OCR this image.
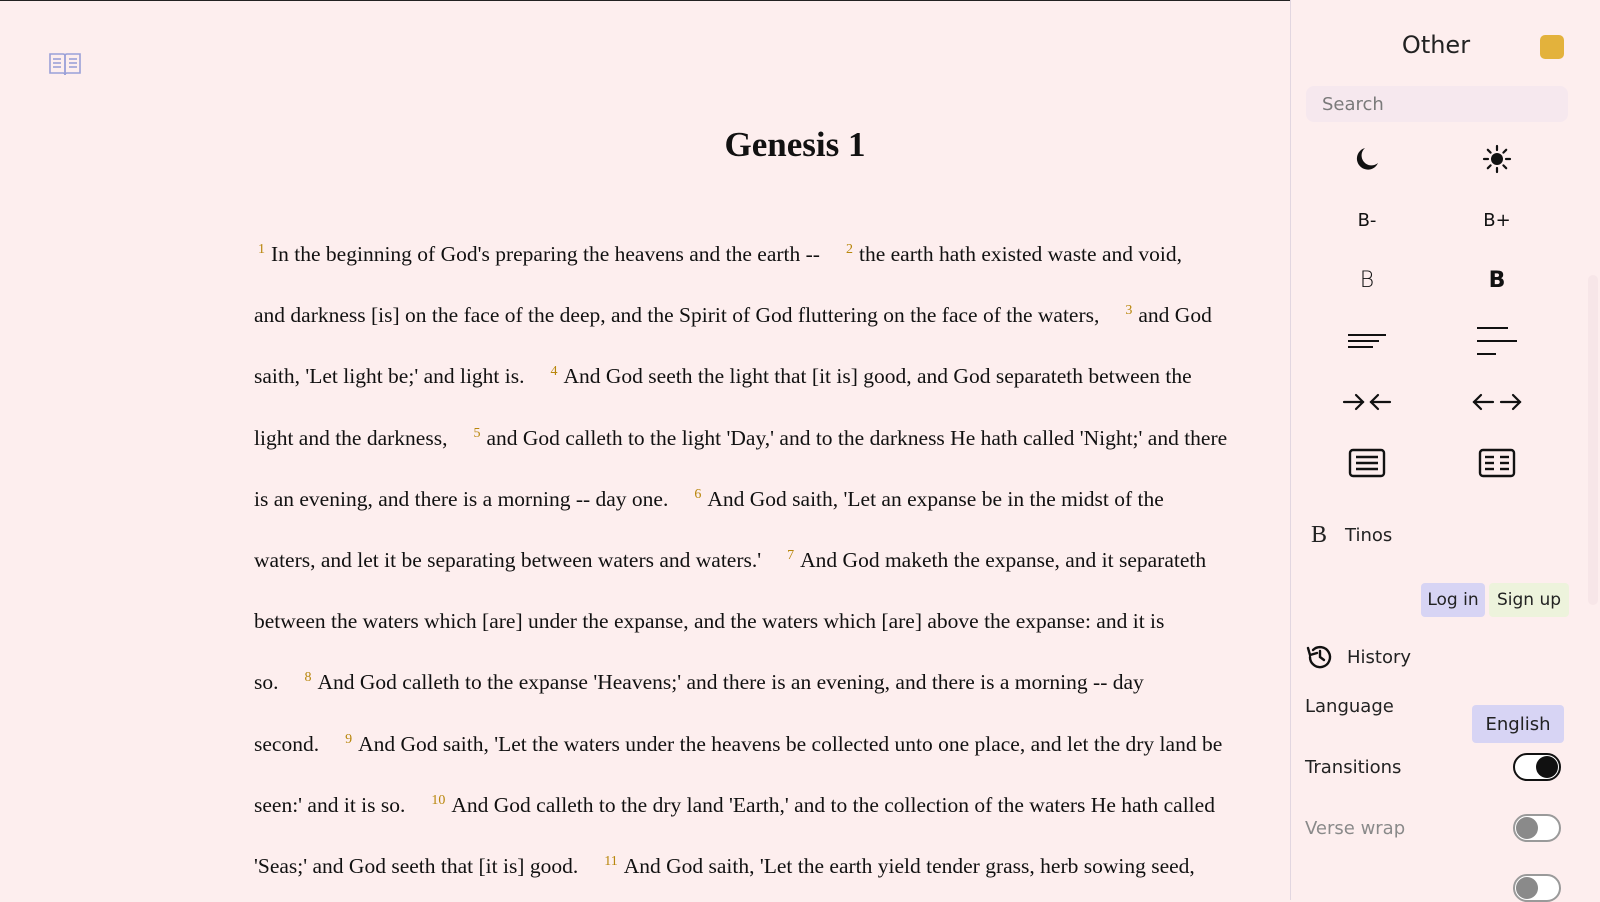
Genesis 1
$^1$ In the beginning of God's preparing the heavens and the earth -- $^2$ the earth hath existed waste and void,
and darkness [is] on the face of the deep, and the Spirit of God fluttering on the face of the waters, $^3$ and God
saith, 'Let light be;' and light is. $^4$ And God seeth the light that [it is] good, and God separateth between the
light and the darkness, $^5$ and God calleth to the light 'Day,' and to the darkness He hath called 'Night;' and there
is an evening, and there is a morning -- day one. $^6$ And God saith, 'Let an expanse be in the midst of the
waters, and let it be separating between waters and waters.' $^7$ And God maketh the expanse, and it separateth
between the waters which [are] under the expanse, and the waters which [are] above the expanse: and it is
so. $^8$ And God calleth to the expanse 'Heavens;' and there is an evening, and there is a morning -- day
second. $^9$ And God saith, 'Let the waters under the heavens be collected unto one place, and let the dry land be
seen:' and it is so. $^{10}$ And God calleth to the dry land 'Earth,' and to the collection of the waters He hath called
'Seas;' and God seeth that [it is] good. $^{11}$ And God saith, 'Let the earth yield tender grass, herb sowing seed,
Other
Search
B-	B+
B	B
B Tinos
Log in	Sign up
History
Language
English
Transitions
Verse wrap
